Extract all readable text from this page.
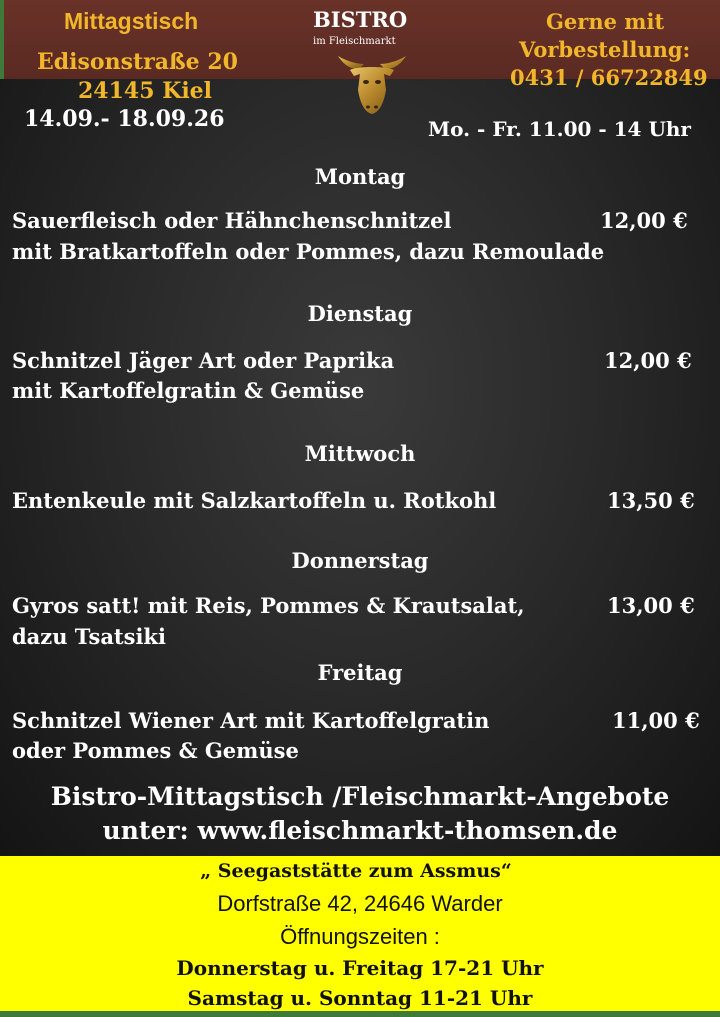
Mittagstisch
Edisonstraße 20
24145 Kiel
14.09.- 18.09.26
BISTRO
im Fleischmarkt
Gerne mit
Vorbestellung:
0431 / 66722849
Mo. - Fr. 11.00 - 14 Uhr
Montag
Sauerfleisch oder Hähnchenschnitzel	12,00 €
mit Bratkartoffeln oder Pommes, dazu Remoulade
Dienstag
Schnitzel Jäger Art oder Paprika	12,00 €
mit Kartoffelgratin & Gemüse
Mittwoch
Entenkeule mit Salzkartoffeln u. Rotkohl	13,50 €
Donnerstag
Gyros satt! mit Reis, Pommes & Krautsalat,	13,00 €
dazu Tsatsiki
Freitag
Schnitzel Wiener Art mit Kartoffelgratin	11,00 €
oder Pommes & Gemüse
Bistro-Mittagstisch /Fleischmarkt-Angebote
unter: www.fleischmarkt-thomsen.de
„ Seegaststätte zum Assmus“
Dorfstraße 42, 24646 Warder
Öffnungszeiten :
Donnerstag u. Freitag 17-21 Uhr
Samstag u. Sonntag 11-21 Uhr
